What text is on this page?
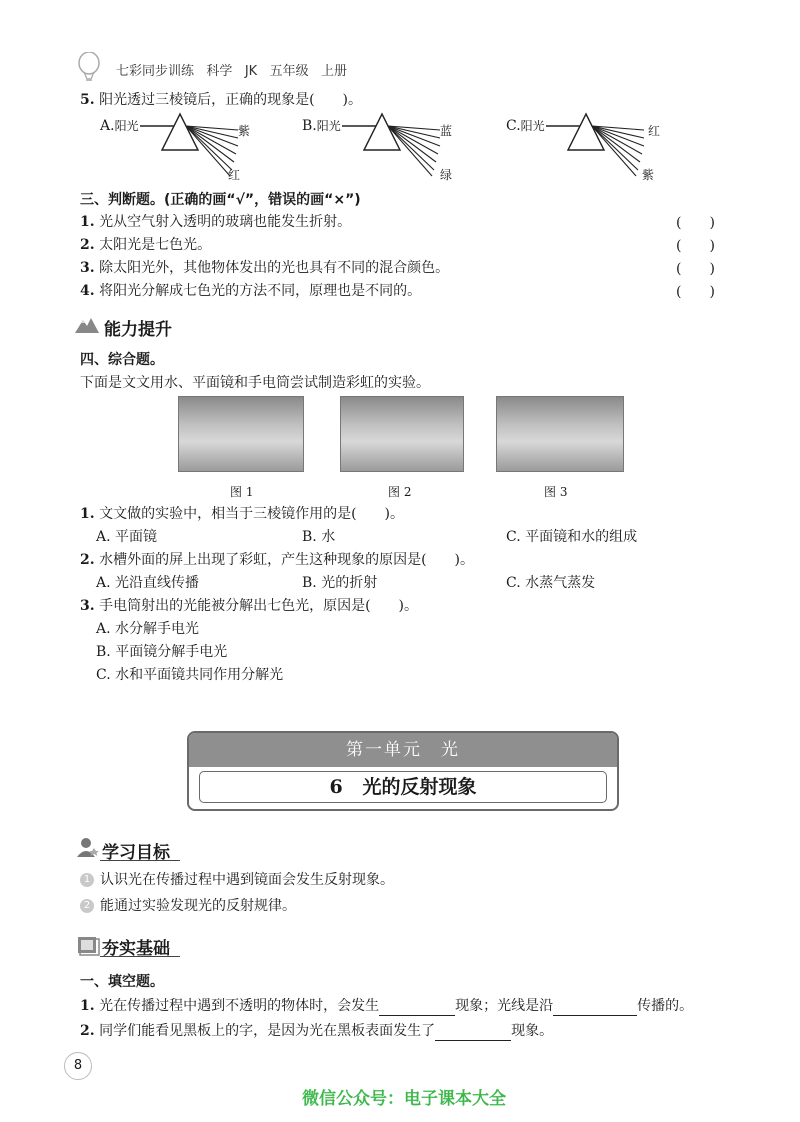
七彩同步训练 科学 JK 五年级 上册
5. 阳光透过三棱镜后，正确的现象是(　　)。
A.阳光	紫
红
B.阳光	蓝
绿
C.阳光	红
紫
三、判断题。(正确的画“√”，错误的画“×”)
1. 光从空气射入透明的玻璃也能发生折射。	(　　)
2. 太阳光是七色光。	(　　)
3. 除太阳光外，其他物体发出的光也具有不同的混合颜色。	(　　)
4. 将阳光分解成七色光的方法不同，原理也是不同的。	(　　)
能力提升
四、综合题。
下面是文文用水、平面镜和手电筒尝试制造彩虹的实验。
图 1	图 2	图 3
1. 文文做的实验中，相当于三棱镜作用的是(　　)。
A. 平面镜	B. 水	C. 平面镜和水的组成
2. 水槽外面的屏上出现了彩虹，产生这种现象的原因是(　　)。
A. 光沿直线传播	B. 光的折射	C. 水蒸气蒸发
3. 手电筒射出的光能被分解出七色光，原因是(　　)。
A. 水分解手电光
B. 平面镜分解手电光
C. 水和平面镜共同作用分解光
第一单元　光
6 光的反射现象
学习目标
1 认识光在传播过程中遇到镜面会发生反射现象。
2 能通过实验发现光的反射规律。
夯实基础
一、填空题。
1. 光在传播过程中遇到不透明的物体时，会发生	现象；光线是沿	传播的。
2. 同学们能看见黑板上的字，是因为光在黑板表面发生了	现象。
8
微信公众号：电子课本大全
